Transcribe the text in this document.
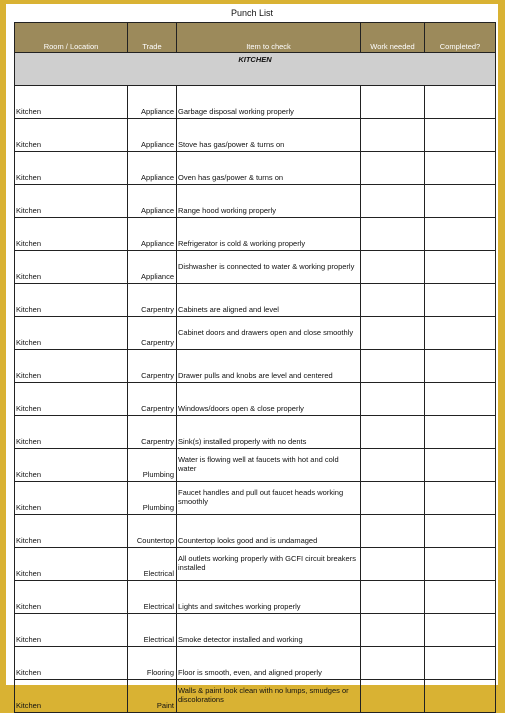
Punch List
Room / Location	Trade	Item to check	Work needed	Completed?
KITCHEN				
Kitchen	Appliance	Garbage disposal working properly		
Kitchen	Appliance	Stove has gas/power & turns on		
Kitchen	Appliance	Oven has gas/power & turns on		
Kitchen	Appliance	Range hood working properly		
Kitchen	Appliance	Refrigerator is cold & working properly		
Kitchen	Appliance	Dishwasher is connected to water & working properly		
Kitchen	Carpentry	Cabinets are aligned and level		
Kitchen	Carpentry	Cabinet doors and drawers open and close smoothly		
Kitchen	Carpentry	Drawer pulls and knobs are level and centered		
Kitchen	Carpentry	Windows/doors open & close properly		
Kitchen	Carpentry	Sink(s) installed properly with no dents		
Kitchen	Plumbing	Water is flowing well at faucets with hot and cold water		
Kitchen	Plumbing	Faucet handles and pull out faucet heads working smoothly		
Kitchen	Countertop	Countertop looks good and is undamaged		
Kitchen	Electrical	All outlets working properly with GCFI circuit breakers installed		
Kitchen	Electrical	Lights and switches working properly		
Kitchen	Electrical	Smoke detector installed and working		
Kitchen	Flooring	Floor is smooth, even, and aligned properly		
Kitchen	Paint	Walls & paint look clean with no lumps, smudges or discolorations		
